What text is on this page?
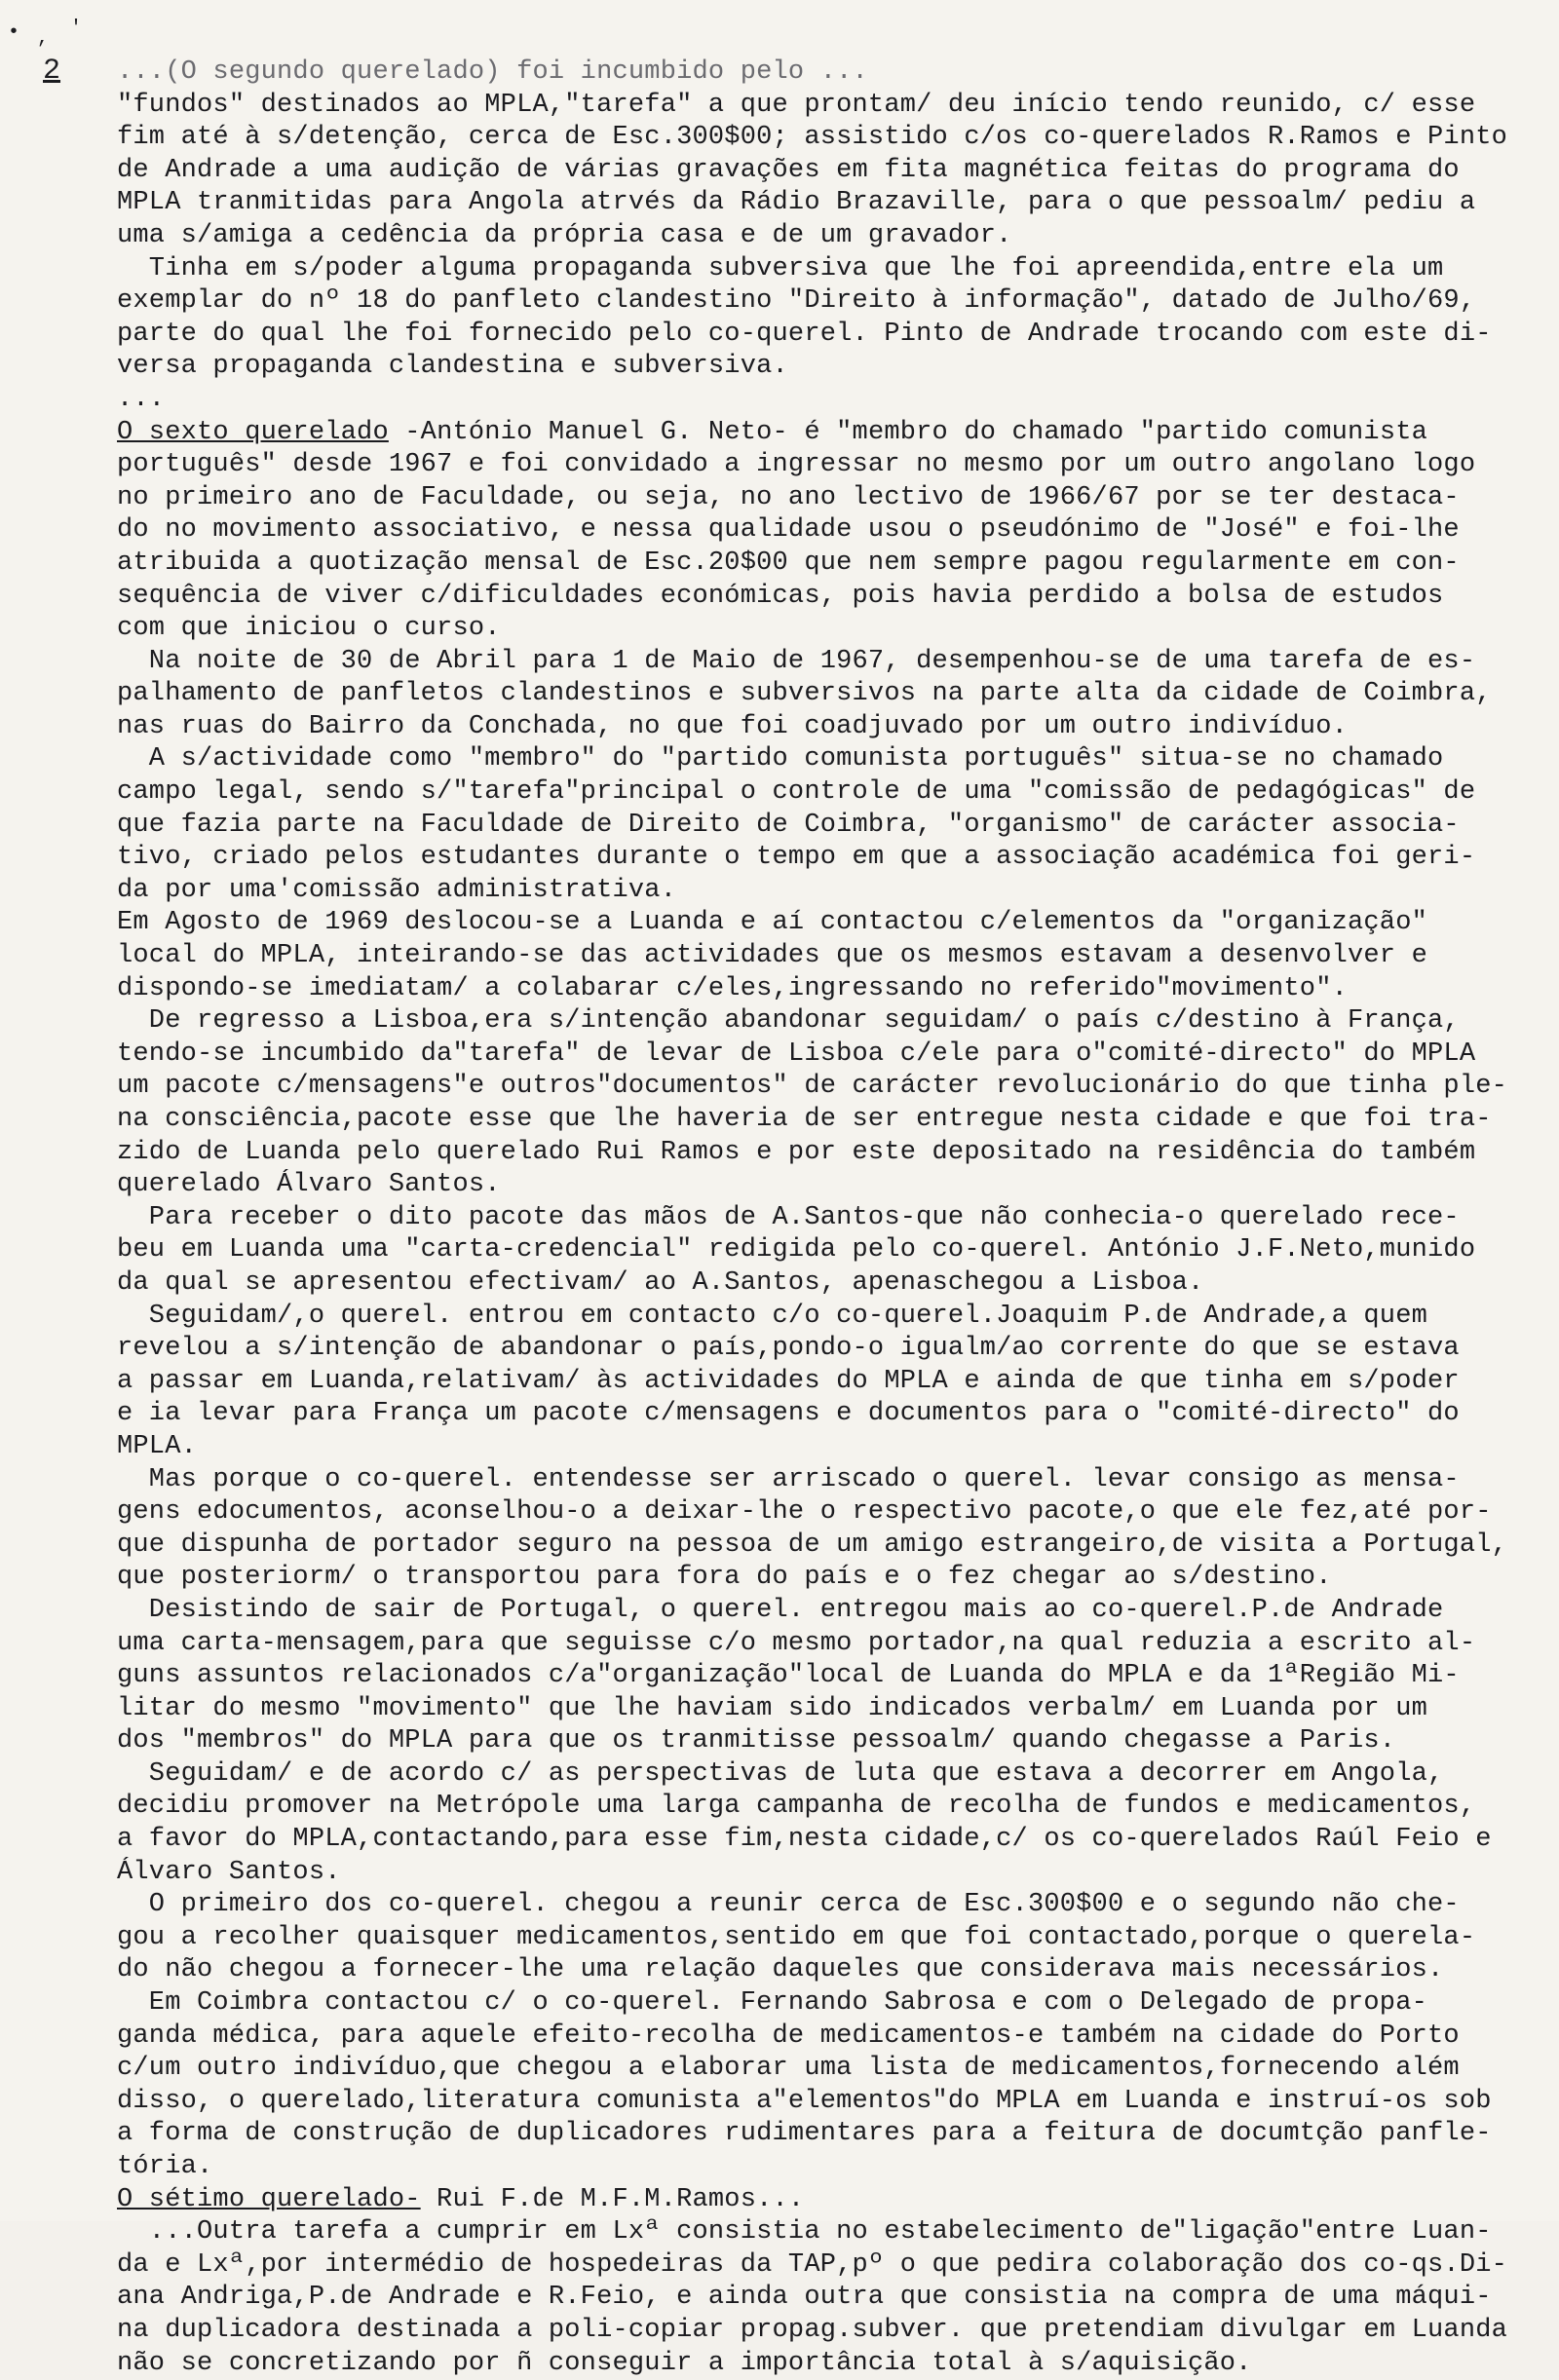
• , '
2 ...(O segundo querelado) foi incumbido pelo ...
"fundos" destinados ao MPLA,"tarefa" a que prontam/ deu início tendo reunido, c/ esse
fim até à s/detenção, cerca de Esc.300$00; assistido c/os co-querelados R.Ramos e Pinto
de Andrade a uma audição de várias gravações em fita magnética feitas do programa do
MPLA tranmitidas para Angola atrvés da Rádio Brazaville, para o que pessoalm/ pediu a
uma s/amiga a cedência da própria casa e de um gravador.
Tinha em s/poder alguma propaganda subversiva que lhe foi apreendida,entre ela um
exemplar do nº 18 do panfleto clandestino "Direito à informação", datado de Julho/69,
parte do qual lhe foi fornecido pelo co-querel. Pinto de Andrade trocando com este di-
versa propaganda clandestina e subversiva.
...
O sexto querelado -António Manuel G. Neto- é "membro do chamado "partido comunista
português" desde 1967 e foi convidado a ingressar no mesmo por um outro angolano logo
no primeiro ano de Faculdade, ou seja, no ano lectivo de 1966/67 por se ter destaca-
do no movimento associativo, e nessa qualidade usou o pseudónimo de "José" e foi-lhe
atribuida a quotização mensal de Esc.20$00 que nem sempre pagou regularmente em con-
sequência de viver c/dificuldades económicas, pois havia perdido a bolsa de estudos
com que iniciou o curso.
Na noite de 30 de Abril para 1 de Maio de 1967, desempenhou-se de uma tarefa de es-
palhamento de panfletos clandestinos e subversivos na parte alta da cidade de Coimbra,
nas ruas do Bairro da Conchada, no que foi coadjuvado por um outro indivíduo.
A s/actividade como "membro" do "partido comunista português" situa-se no chamado
campo legal, sendo s/"tarefa"principal o controle de uma "comissão de pedagógicas" de
que fazia parte na Faculdade de Direito de Coimbra, "organismo" de carácter associa-
tivo, criado pelos estudantes durante o tempo em que a associação académica foi geri-
da por uma'comissão administrativa.
Em Agosto de 1969 deslocou-se a Luanda e aí contactou c/elementos da "organização"
local do MPLA, inteirando-se das actividades que os mesmos estavam a desenvolver e
dispondo-se imediatam/ a colabarar c/eles,ingressando no referido"movimento".
De regresso a Lisboa,era s/intenção abandonar seguidam/ o país c/destino à França,
tendo-se incumbido da"tarefa" de levar de Lisboa c/ele para o"comité-directo" do MPLA
um pacote c/mensagens"e outros"documentos" de carácter revolucionário do que tinha ple-
na consciência,pacote esse que lhe haveria de ser entregue nesta cidade e que foi tra-
zido de Luanda pelo querelado Rui Ramos e por este depositado na residência do também
querelado Álvaro Santos.
Para receber o dito pacote das mãos de A.Santos-que não conhecia-o querelado rece-
beu em Luanda uma "carta-credencial" redigida pelo co-querel. António J.F.Neto,munido
da qual se apresentou efectivam/ ao A.Santos, apenaschegou a Lisboa.
Seguidam/,o querel. entrou em contacto c/o co-querel.Joaquim P.de Andrade,a quem
revelou a s/intenção de abandonar o país,pondo-o igualm/ao corrente do que se estava
a passar em Luanda,relativam/ às actividades do MPLA e ainda de que tinha em s/poder
e ia levar para França um pacote c/mensagens e documentos para o "comité-directo" do
MPLA.
Mas porque o co-querel. entendesse ser arriscado o querel. levar consigo as mensa-
gens edocumentos, aconselhou-o a deixar-lhe o respectivo pacote,o que ele fez,até por-
que dispunha de portador seguro na pessoa de um amigo estrangeiro,de visita a Portugal,
que posteriorm/ o transportou para fora do país e o fez chegar ao s/destino.
Desistindo de sair de Portugal, o querel. entregou mais ao co-querel.P.de Andrade
uma carta-mensagem,para que seguisse c/o mesmo portador,na qual reduzia a escrito al-
guns assuntos relacionados c/a"organização"local de Luanda do MPLA e da 1ªRegião Mi-
litar do mesmo "movimento" que lhe haviam sido indicados verbalm/ em Luanda por um
dos "membros" do MPLA para que os tranmitisse pessoalm/ quando chegasse a Paris.
Seguidam/ e de acordo c/ as perspectivas de luta que estava a decorrer em Angola,
decidiu promover na Metrópole uma larga campanha de recolha de fundos e medicamentos,
a favor do MPLA,contactando,para esse fim,nesta cidade,c/ os co-querelados Raúl Feio e
Álvaro Santos.
O primeiro dos co-querel. chegou a reunir cerca de Esc.300$00 e o segundo não che-
gou a recolher quaisquer medicamentos,sentido em que foi contactado,porque o querela-
do não chegou a fornecer-lhe uma relação daqueles que considerava mais necessários.
Em Coimbra contactou c/ o co-querel. Fernando Sabrosa e com o Delegado de propa-
ganda médica, para aquele efeito-recolha de medicamentos-e também na cidade do Porto
c/um outro indivíduo,que chegou a elaborar uma lista de medicamentos,fornecendo além
disso, o querelado,literatura comunista a"elementos"do MPLA em Luanda e instruí-os sob
a forma de construção de duplicadores rudimentares para a feitura de documtção panfle-
tória.
O sétimo querelado- Rui F.de M.F.M.Ramos...
...Outra tarefa a cumprir em Lxª consistia no estabelecimento de"ligação"entre Luan-
da e Lxª,por intermédio de hospedeiras da TAP,pº o que pedira colaboração dos co-qs.Di-
ana Andriga,P.de Andrade e R.Feio, e ainda outra que consistia na compra de uma máqui-
na duplicadora destinada a poli-copiar propag.subver. que pretendiam divulgar em Luanda
não se concretizando por ñ conseguir a importância total à s/aquisição.
